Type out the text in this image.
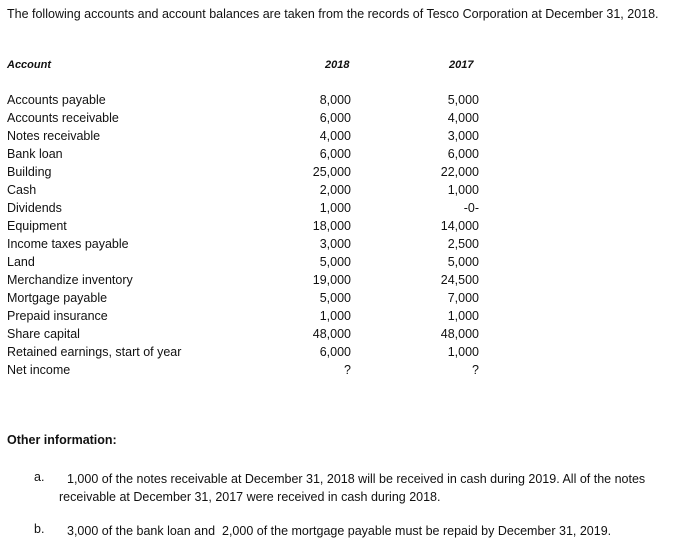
The following accounts and account balances are taken from the records of Tesco Corporation at December 31, 2018.
Account	2018	2017
Accounts payable	8,000	5,000
Accounts receivable	6,000	4,000
Notes receivable	4,000	3,000
Bank loan	6,000	6,000
Building	25,000	22,000
Cash	2,000	1,000
Dividends	1,000	-0-
Equipment	18,000	14,000
Income taxes payable	3,000	2,500
Land	5,000	5,000
Merchandize inventory	19,000	24,500
Mortgage payable	5,000	7,000
Prepaid insurance	1,000	1,000
Share capital	48,000	48,000
Retained earnings, start of year	6,000	1,000
Net income	?	?
Other information:
a.	1,000 of the notes receivable at December 31, 2018 will be received in cash during 2019. All of the notes receivable at December 31, 2017 were received in cash during 2018.
b. 3,000 of the bank loan and  2,000 of the mortgage payable must be repaid by December 31, 2019.
